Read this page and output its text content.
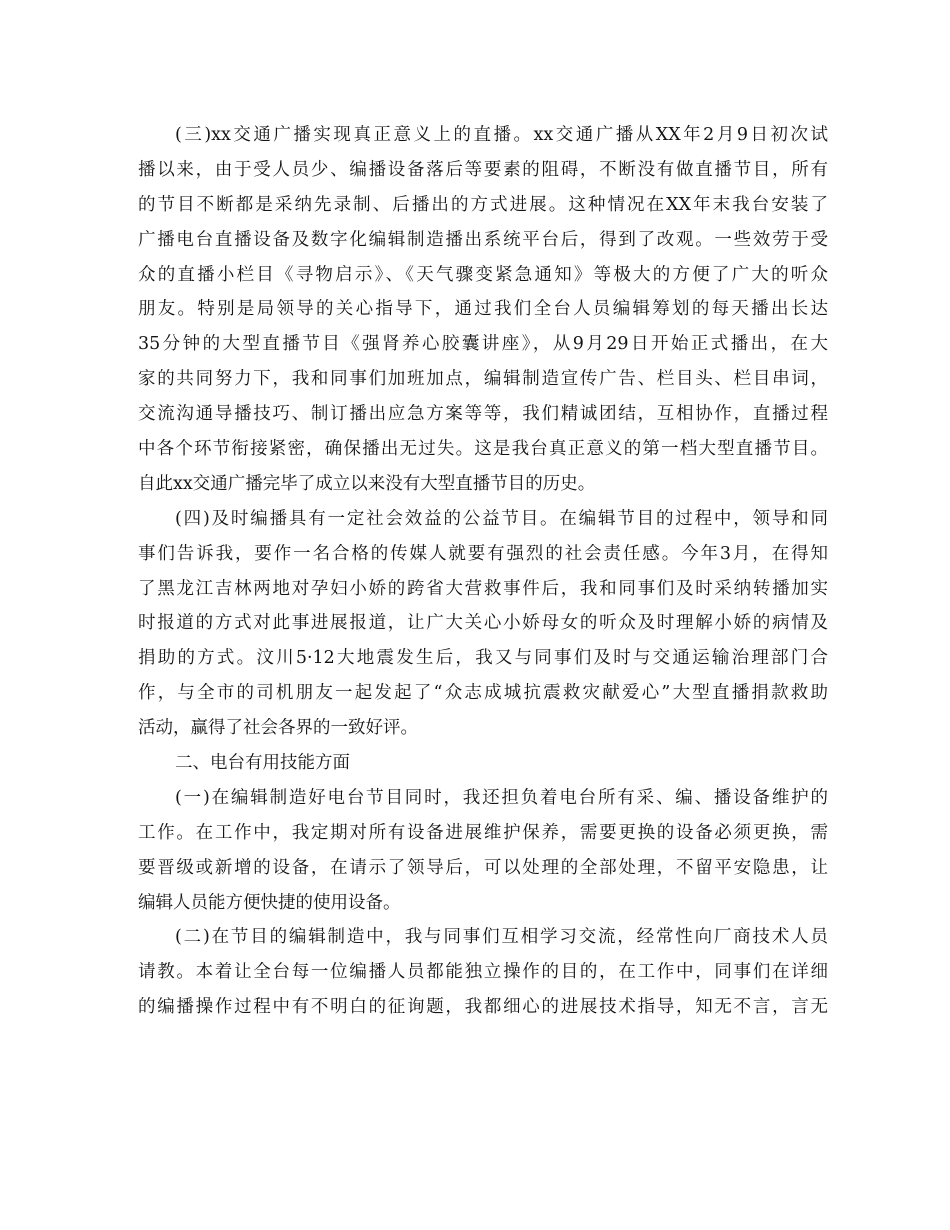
(三)xx交通广播实现真正意义上的直播。xx交通广播从XX年2月9日初次试
播以来，由于受人员少、编播设备落后等要素的阻碍，不断没有做直播节目，所有
的节目不断都是采纳先录制、后播出的方式进展。这种情况在XX年末我台安装了
广播电台直播设备及数字化编辑制造播出系统平台后，得到了改观。一些效劳于受
众的直播小栏目《寻物启示》、《天气骤变紧急通知》等极大的方便了广大的听众
朋友。特别是局领导的关心指导下，通过我们全台人员编辑筹划的每天播出长达
35分钟的大型直播节目《强肾养心胶囊讲座》，从9月29日开始正式播出，在大
家的共同努力下，我和同事们加班加点，编辑制造宣传广告、栏目头、栏目串词，
交流沟通导播技巧、制订播出应急方案等等，我们精诚团结，互相协作，直播过程
中各个环节衔接紧密，确保播出无过失。这是我台真正意义的第一档大型直播节目。
自此xx交通广播完毕了成立以来没有大型直播节目的历史。
(四)及时编播具有一定社会效益的公益节目。在编辑节目的过程中，领导和同
事们告诉我，要作一名合格的传媒人就要有强烈的社会责任感。今年3月，在得知
了黑龙江吉林两地对孕妇小娇的跨省大营救事件后，我和同事们及时采纳转播加实
时报道的方式对此事进展报道，让广大关心小娇母女的听众及时理解小娇的病情及
捐助的方式。汶川5·12大地震发生后，我又与同事们及时与交通运输治理部门合
作，与全市的司机朋友一起发起了“众志成城抗震救灾献爱心”大型直播捐款救助
活动，赢得了社会各界的一致好评。
二、电台有用技能方面
(一)在编辑制造好电台节目同时，我还担负着电台所有采、编、播设备维护的
工作。在工作中，我定期对所有设备进展维护保养，需要更换的设备必须更换，需
要晋级或新增的设备，在请示了领导后，可以处理的全部处理，不留平安隐患，让
编辑人员能方便快捷的使用设备。
(二)在节目的编辑制造中，我与同事们互相学习交流，经常性向厂商技术人员
请教。本着让全台每一位编播人员都能独立操作的目的，在工作中，同事们在详细
的编播操作过程中有不明白的征询题，我都细心的进展技术指导，知无不言，言无
